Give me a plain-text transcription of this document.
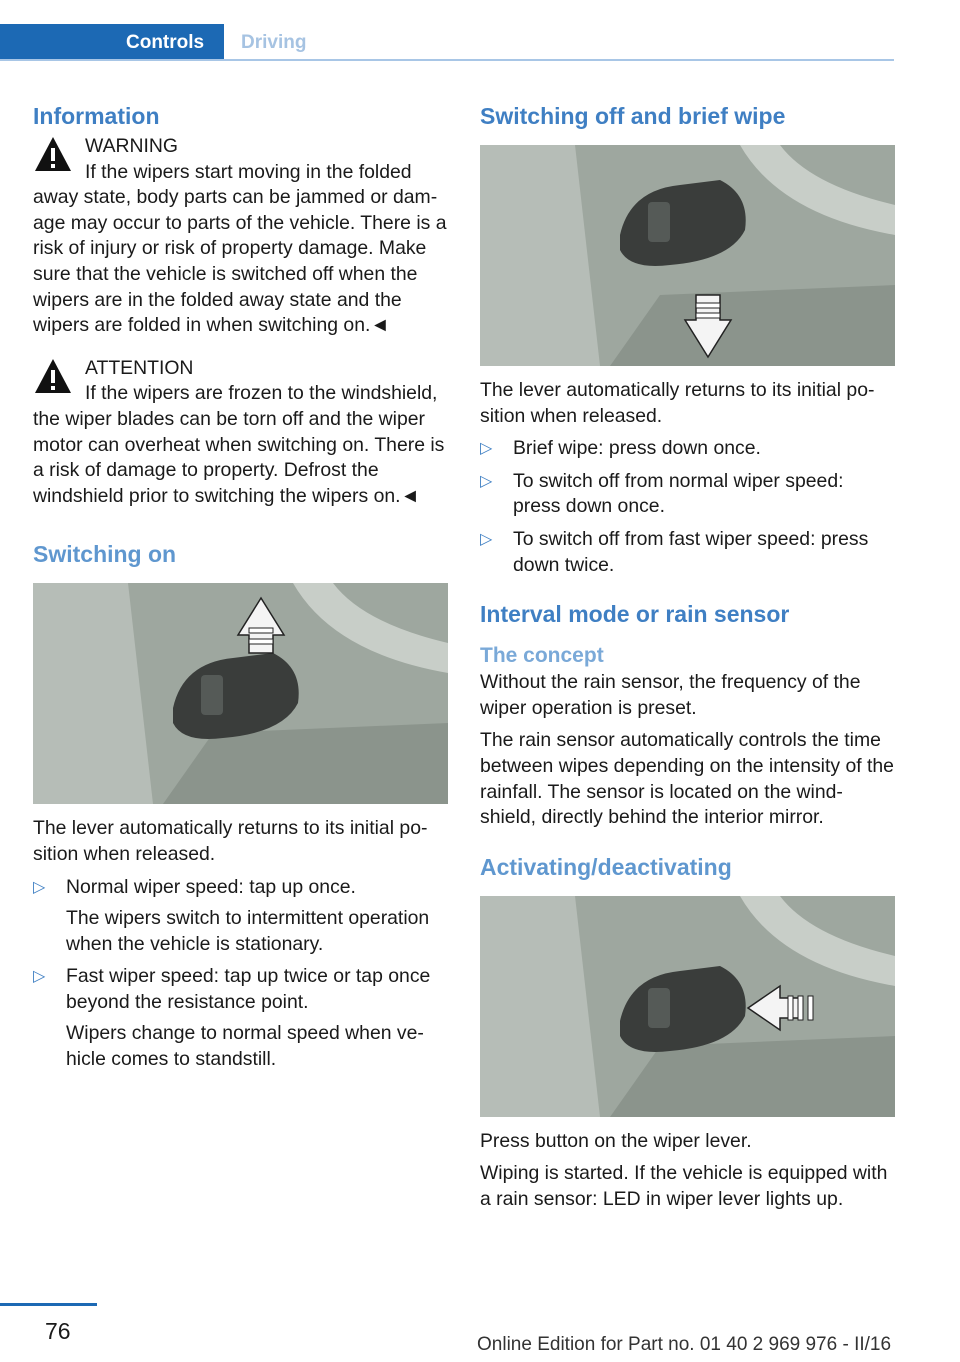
Controls	Driving
Information
WARNING

If the wipers start moving in the folded away state, body parts can be jammed or dam‐age may occur to parts of the vehicle. There is a risk of injury or risk of property damage. Make sure that the vehicle is switched off when the wipers are in the folded away state and the wipers are folded in when switching on.◄

ATTENTION

If the wipers are frozen to the windshield, the wiper blades can be torn off and the wiper motor can overheat when switching on. There is a risk of damage to property. Defrost the windshield prior to switching the wipers on.◄

Switching on

The lever automatically returns to its initial po‐sition when released.

▷ Normal wiper speed: tap up once.
The wipers switch to intermittent operation when the vehicle is stationary.
▷ Fast wiper speed: tap up twice or tap once beyond the resistance point.
Wipers change to normal speed when ve‐hicle comes to standstill.
Switching off and brief wipe

The lever automatically returns to its initial po‐sition when released.

▷ Brief wipe: press down once.
▷ To switch off from normal wiper speed: press down once.
▷ To switch off from fast wiper speed: press down twice.
Interval mode or rain sensor
The concept

Without the rain sensor, the frequency of the wiper operation is preset.

The rain sensor automatically controls the time between wipes depending on the intensity of the rainfall. The sensor is located on the wind‐shield, directly behind the interior mirror.

Activating/deactivating

Press button on the wiper lever.

Wiping is started. If the vehicle is equipped with a rain sensor: LED in wiper lever lights up.

76
Online Edition for Part no. 01 40 2 969 976 - II/16
